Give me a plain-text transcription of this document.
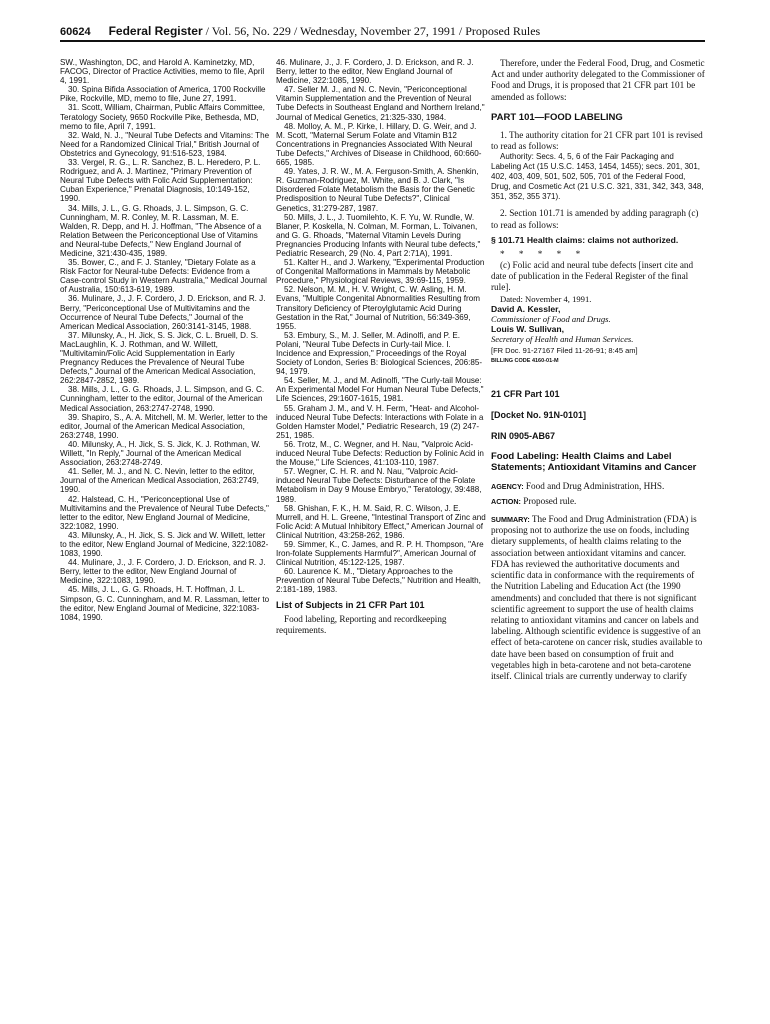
60624 Federal Register / Vol. 56, No. 229 / Wednesday, November 27, 1991 / Proposed Rules

SW., Washington, DC, and Harold A. Kaminetzky, MD, FACOG, Director of Practice Activities, memo to file, April 4, 1991.

30. Spina Bifida Association of America, 1700 Rockville Pike, Rockville, MD, memo to file, June 27, 1991.

31. Scott, William, Chairman, Public Affairs Committee, Teratology Society, 9650 Rockville Pike, Bethesda, MD, memo to file, April 7, 1991.

32. Wald, N. J., "Neural Tube Defects and Vitamins: The Need for a Randomized Clinical Trial," British Journal of Obstetrics and Gynecology, 91:516-523, 1984.

33. Vergel, R. G., L. R. Sanchez, B. L. Heredero, P. L. Rodriguez, and A. J. Martinez, "Primary Prevention of Neural Tube Defects with Folic Acid Supplementation: Cuban Experience," Prenatal Diagnosis, 10:149-152, 1990.

34. Mills, J. L., G. G. Rhoads, J. L. Simpson, G. C. Cunningham, M. R. Conley, M. R. Lassman, M. E. Walden, R. Depp, and H. J. Hoffman, "The Absence of a Relation Between the Periconceptional Use of Vitamins and Neural-tube Defects," New England Journal of Medicine, 321:430-435, 1989.

35. Bower, C., and F. J. Stanley, "Dietary Folate as a Risk Factor for Neural-tube Defects: Evidence from a Case-control Study in Western Australia," Medical Journal of Australia, 150:613-619, 1989.

36. Mulinare, J., J. F. Cordero, J. D. Erickson, and R. J. Berry, "Periconceptional Use of Multivitamins and the Occurrence of Neural Tube Defects," Journal of the American Medical Association, 260:3141-3145, 1988.

37. Milunsky, A., H. Jick, S. S. Jick, C. L. Bruell, D. S. MacLaughlin, K. J. Rothman, and W. Willett, "Multivitamin/Folic Acid Supplementation in Early Pregnancy Reduces the Prevalence of Neural Tube Defects," Journal of the American Medical Association, 262:2847-2852, 1989.

38. Mills, J. L., G. G. Rhoads, J. L. Simpson, and G. C. Cunningham, letter to the editor, Journal of the American Medical Association, 263:2747-2748, 1990.

39. Shapiro, S., A. A. Mitchell, M. M. Werler, letter to the editor, Journal of the American Medical Association, 263:2748, 1990.

40. Milunsky, A., H. Jick, S. S. Jick, K. J. Rothman, W. Willett, "In Reply," Journal of the American Medical Association, 263:2748-2749.

41. Seller, M. J., and N. C. Nevin, letter to the editor, Journal of the American Medical Association, 263:2749, 1990.

42. Halstead, C. H., "Periconceptional Use of Multivitamins and the Prevalence of Neural Tube Defects," letter to the editor, New England Journal of Medicine, 322:1082, 1990.

43. Milunsky, A., H. Jick, S. S. Jick and W. Willett, letter to the editor, New England Journal of Medicine, 322:1082-1083, 1990.

44. Mulinare, J., J. F. Cordero, J. D. Erickson, and R. J. Berry, letter to the editor, New England Journal of Medicine, 322:1083, 1990.

45. Mills, J. L., G. G. Rhoads, H. T. Hoffman, J. L. Simpson, G. C. Cunningham, and M. R. Lassman, letter to the editor, New England Journal of Medicine, 322:1083-1084, 1990.

46. Mulinare, J., J. F. Cordero, J. D. Erickson, and R. J. Berry, letter to the editor, New England Journal of Medicine, 322:1085, 1990.

47. Seller M. J., and N. C. Nevin, "Periconceptional Vitamin Supplementation and the Prevention of Neural Tube Defects in Southeast England and Northern Ireland," Journal of Medical Genetics, 21:325-330, 1984.

48. Molloy, A. M., P. Kirke, I. Hillary, D. G. Weir, and J. M. Scott, "Maternal Serum Folate and Vitamin B12 Concentrations in Pregnancies Associated With Neural Tube Defects," Archives of Disease in Childhood, 60:660-665, 1985.

49. Yates, J. R. W., M. A. Ferguson-Smith, A. Shenkin, R. Guzman-Rodriguez, M. White, and B. J. Clark, "Is Disordered Folate Metabolism the Basis for the Genetic Predisposition to Neural Tube Defects?", Clinical Genetics, 31:279-287, 1987.

50. Mills, J. L., J. Tuomilehto, K. F. Yu, W. Rundle, W. Blaner, P. Koskella, N. Colman, M. Forman, L. Toivanen, and G. G. Rhoads, "Maternal Vitamin Levels During Pregnancies Producing Infants with Neural tube defects," Pediatric Research, 29 (No. 4, Part 2:71A), 1991.

51. Kalter H., and J. Warkeny, "Experimental Production of Congenital Malformations in Mammals by Metabolic Procedure," Physiological Reviews, 39:69-115, 1959.

52. Nelson, M. M., H. V. Wright, C. W. Asling, H. M. Evans, "Multiple Congenital Abnormalities Resulting from Transitory Deficiency of Pteroylglutamic Acid During Gestation in the Rat," Journal of Nutrition, 56:349-369, 1955.

53. Embury, S., M. J. Seller, M. Adinolfi, and P. E. Polani, "Neural Tube Defects in Curly-tail Mice. I. Incidence and Expression," Proceedings of the Royal Society of London, Series B: Biological Sciences, 206:85-94, 1979.

54. Seller, M. J., and M. Adinolfi, "The Curly-tail Mouse: An Experimental Model For Human Neural Tube Defects," Life Sciences, 29:1607-1615, 1981.

55. Graham J. M., and V. H. Ferm, "Heat- and Alcohol-induced Neural Tube Defects: Interactions with Folate in a Golden Hamster Model," Pediatric Research, 19 (2) 247-251, 1985.

56. Trotz, M., C. Wegner, and H. Nau, "Valproic Acid-induced Neural Tube Defects: Reduction by Folinic Acid in the Mouse," Life Sciences, 41:103-110, 1987.

57. Wegner, C. H. R. and N. Nau, "Valproic Acid-induced Neural Tube Defects: Disturbance of the Folate Metabolism in Day 9 Mouse Embryo," Teratology, 39:488, 1989.

58. Ghishan, F. K., H. M. Said, R. C. Wilson, J. E. Murrell, and H. L. Greene, "Intestinal Transport of Zinc and Folic Acid: A Mutual Inhibitory Effect," American Journal of Clinical Nutrition, 43:258-262, 1986.

59. Simmer, K., C. James, and R. P. H. Thompson, "Are Iron-folate Supplements Harmful?", American Journal of Clinical Nutrition, 45:122-125, 1987.

60. Laurence K. M., "Dietary Approaches to the Prevention of Neural Tube Defects," Nutrition and Health, 2:181-189, 1983.

List of Subjects in 21 CFR Part 101

Food labeling, Reporting and recordkeeping requirements.

Therefore, under the Federal Food, Drug, and Cosmetic Act and under authority delegated to the Commissioner of Food and Drugs, it is proposed that 21 CFR part 101 be amended as follows:

PART 101—FOOD LABELING

1. The authority citation for 21 CFR part 101 is revised to read as follows:

Authority: Secs. 4, 5, 6 of the Fair Packaging and Labeling Act (15 U.S.C. 1453, 1454, 1455); secs. 201, 301, 402, 403, 409, 501, 502, 505, 701 of the Federal Food, Drug, and Cosmetic Act (21 U.S.C. 321, 331, 342, 343, 348, 351, 352, 355 371).

2. Section 101.71 is amended by adding paragraph (c) to read as follows:

§ 101.71 Health claims: claims not authorized.

* * * * *

(c) Folic acid and neural tube defects [insert cite and date of publication in the Federal Register of the final rule].

Dated: November 4, 1991.

David A. Kessler,

Commissioner of Food and Drugs.

Louis W. Sullivan,

Secretary of Health and Human Services.

[FR Doc. 91-27167 Filed 11-26-91; 8:45 am]

BILLING CODE 4160-01-M

21 CFR Part 101

[Docket No. 91N-0101]

RIN 0905-AB67

Food Labeling: Health Claims and Label Statements; Antioxidant Vitamins and Cancer

AGENCY: Food and Drug Administration, HHS.

ACTION: Proposed rule.

SUMMARY: The Food and Drug Administration (FDA) is proposing not to authorize the use on foods, including dietary supplements, of health claims relating to the association between antioxidant vitamins and cancer. FDA has reviewed the authoritative documents and scientific data in conformance with the requirements of the Nutrition Labeling and Education Act (the 1990 amendments) and concluded that there is not significant scientific agreement to support the use of health claims relating to antioxidant vitamins and cancer on labels and labeling. Although scientific evidence is suggestive of an effect of beta-carotene on cancer risk, studies available to date have been based on consumption of fruit and vegetables high in beta-carotene and not beta-carotene itself. Clinical trials are currently underway to clarify
